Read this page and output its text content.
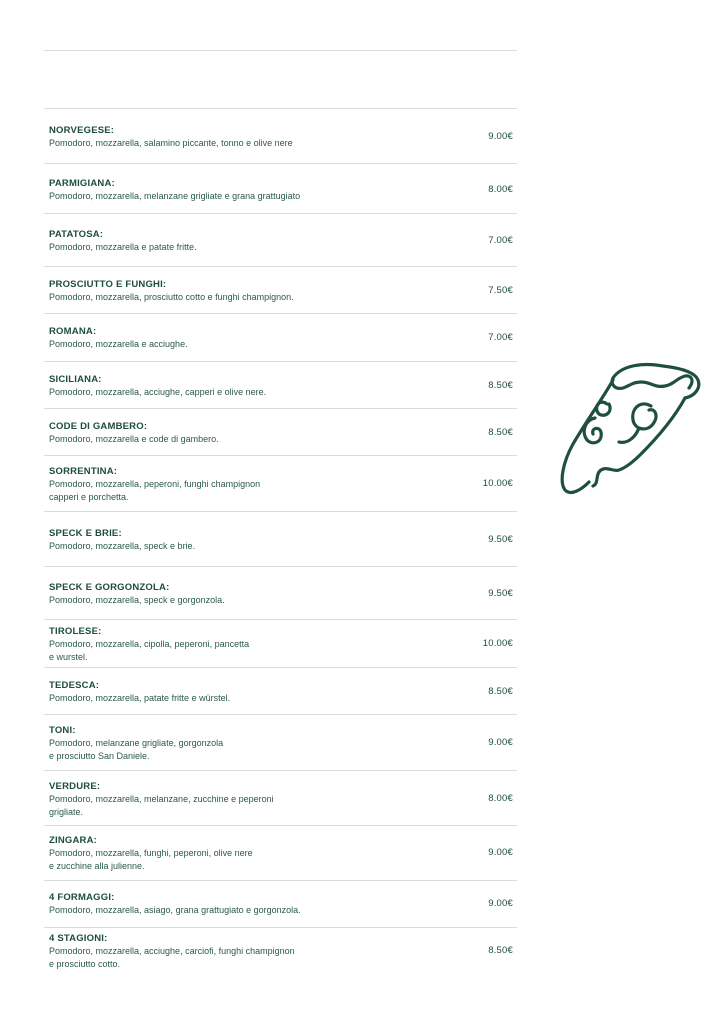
NORVEGESE:
Pomodoro, mozzarella, salamino piccante, tonno e olive nere
9.00€
PARMIGIANA:
Pomodoro, mozzarella, melanzane grigliate e grana grattugiato
8.00€
PATATOSA:
Pomodoro, mozzarella e patate fritte.
7.00€
PROSCIUTTO E FUNGHI:
Pomodoro, mozzarella, prosciutto cotto e funghi champignon.
7.50€
ROMANA:
Pomodoro, mozzarella e acciughe.
7.00€
SICILIANA:
Pomodoro, mozzarella, acciughe, capperi e olive nere.
8.50€
CODE DI GAMBERO:
Pomodoro, mozzarella e code di gambero.
8.50€
SORRENTINA:
Pomodoro, mozzarella, peperoni, funghi champignon
capperi e porchetta.
10.00€
SPECK E BRIE:
Pomodoro, mozzarella, speck e brie.
9.50€
SPECK E GORGONZOLA:
Pomodoro, mozzarella, speck e gorgonzola.
9.50€
TIROLESE:
Pomodoro, mozzarella, cipolla, peperoni, pancetta
e wurstel.
10.00€
TEDESCA:
Pomodoro, mozzarella, patate fritte e würstel.
8.50€
TONI:
Pomodoro, melanzane grigliate, gorgonzola
e prosciutto San Daniele.
9.00€
VERDURE:
Pomodoro, mozzarella, melanzane, zucchine e peperoni
grigliate.
8.00€
ZINGARA:
Pomodoro, mozzarella, funghi, peperoni, olive nere
e zucchine alla julienne.
9.00€
4 FORMAGGI:
Pomodoro, mozzarella, asiago, grana grattugiato e gorgonzola.
9.00€
4 STAGIONI:
Pomodoro, mozzarella, acciughe, carciofi, funghi champignon
e prosciutto cotto.
8.50€
